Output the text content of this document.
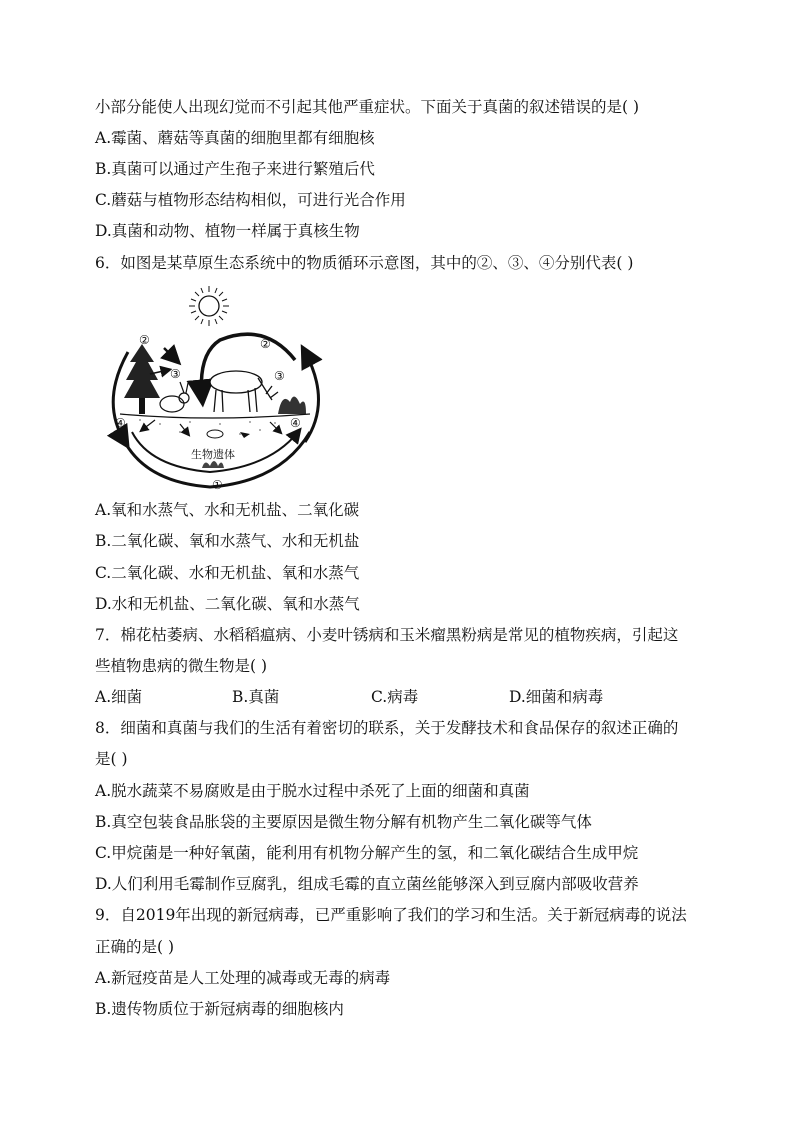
小部分能使人出现幻觉而不引起其他严重症状。下面关于真菌的叙述错误的是( )
A.霉菌、蘑菇等真菌的细胞里都有细胞核
B.真菌可以通过产生孢子来进行繁殖后代
C.蘑菇与植物形态结构相似，可进行光合作用
D.真菌和动物、植物一样属于真核生物
6．如图是某草原生态系统中的物质循环示意图，其中的②、③、④分别代表( )
生物遗体
②	②
③	③
④	④
①
A.氧和水蒸气、水和无机盐、二氧化碳
B.二氧化碳、氧和水蒸气、水和无机盐
C.二氧化碳、水和无机盐、氧和水蒸气
D.水和无机盐、二氧化碳、氧和水蒸气
7．棉花枯萎病、水稻稻瘟病、小麦叶锈病和玉米瘤黑粉病是常见的植物疾病，引起这
些植物患病的微生物是( )
A.细菌	B.真菌	C.病毒	D.细菌和病毒
8．细菌和真菌与我们的生活有着密切的联系，关于发酵技术和食品保存的叙述正确的
是( )
A.脱水蔬菜不易腐败是由于脱水过程中杀死了上面的细菌和真菌
B.真空包装食品胀袋的主要原因是微生物分解有机物产生二氧化碳等气体
C.甲烷菌是一种好氧菌，能利用有机物分解产生的氢，和二氧化碳结合生成甲烷
D.人们利用毛霉制作豆腐乳，组成毛霉的直立菌丝能够深入到豆腐内部吸收营养
9．自2019年出现的新冠病毒，已严重影响了我们的学习和生活。关于新冠病毒的说法
正确的是( )
A.新冠疫苗是人工处理的减毒或无毒的病毒
B.遗传物质位于新冠病毒的细胞核内
